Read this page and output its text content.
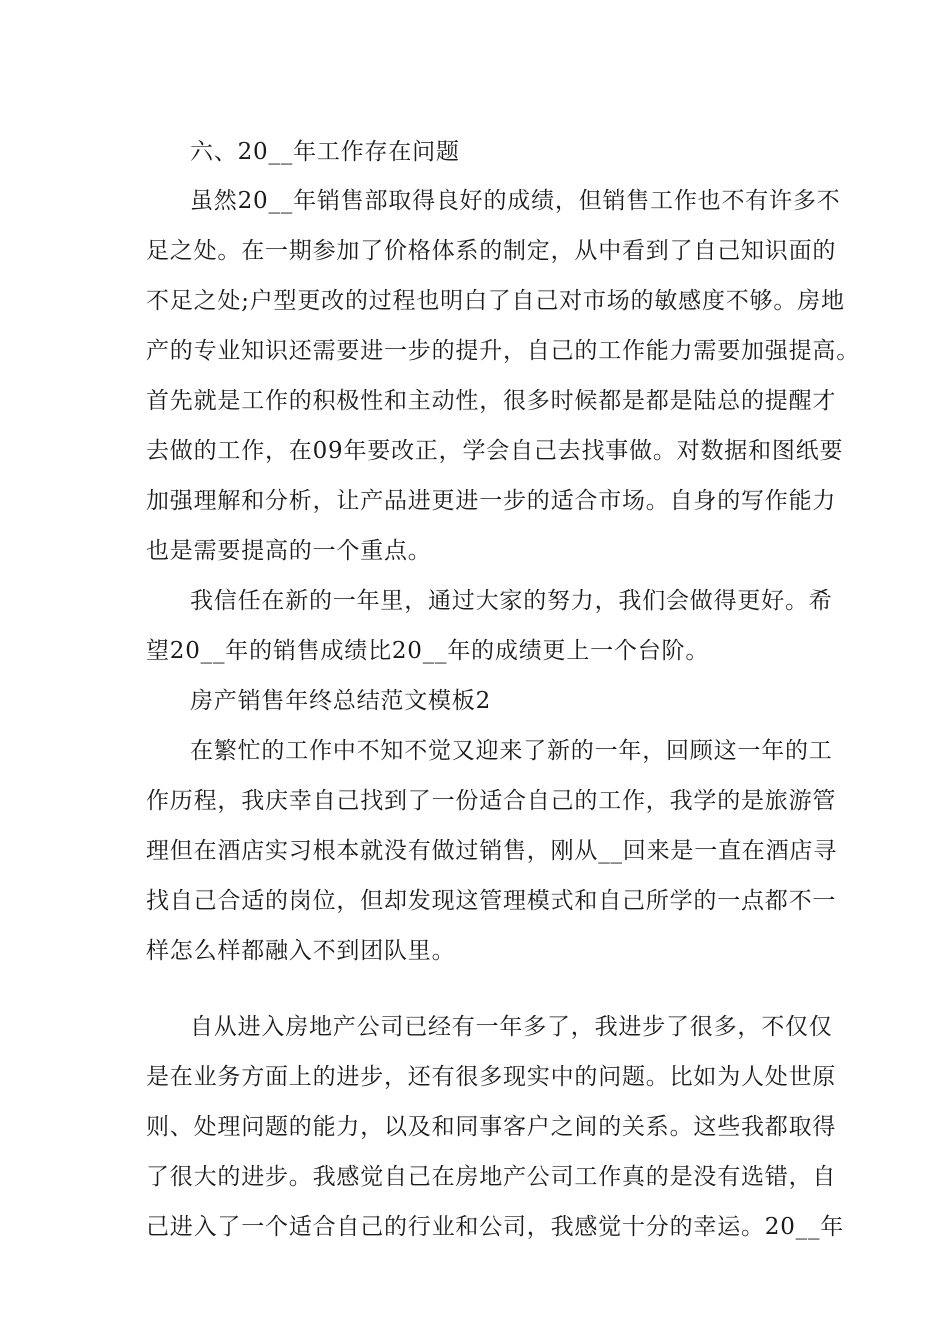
六、20__年工作存在问题
虽然20__年销售部取得良好的成绩，但销售工作也不有许多不
足之处。在一期参加了价格体系的制定，从中看到了自己知识面的
不足之处;户型更改的过程也明白了自己对市场的敏感度不够。房地
产的专业知识还需要进一步的提升，自己的工作能力需要加强提高。
首先就是工作的积极性和主动性，很多时候都是都是陆总的提醒才
去做的工作，在09年要改正，学会自己去找事做。对数据和图纸要
加强理解和分析，让产品进更进一步的适合市场。自身的写作能力
也是需要提高的一个重点。
我信任在新的一年里，通过大家的努力，我们会做得更好。希
望20__年的销售成绩比20__年的成绩更上一个台阶。
房产销售年终总结范文模板2
在繁忙的工作中不知不觉又迎来了新的一年，回顾这一年的工
作历程，我庆幸自己找到了一份适合自己的工作，我学的是旅游管
理但在酒店实习根本就没有做过销售，刚从__回来是一直在酒店寻
找自己合适的岗位，但却发现这管理模式和自己所学的一点都不一
样怎么样都融入不到团队里。
自从进入房地产公司已经有一年多了，我进步了很多，不仅仅
是在业务方面上的进步，还有很多现实中的问题。比如为人处世原
则、处理问题的能力，以及和同事客户之间的关系。这些我都取得
了很大的进步。我感觉自己在房地产公司工作真的是没有选错，自
己进入了一个适合自己的行业和公司，我感觉十分的幸运。20__年
